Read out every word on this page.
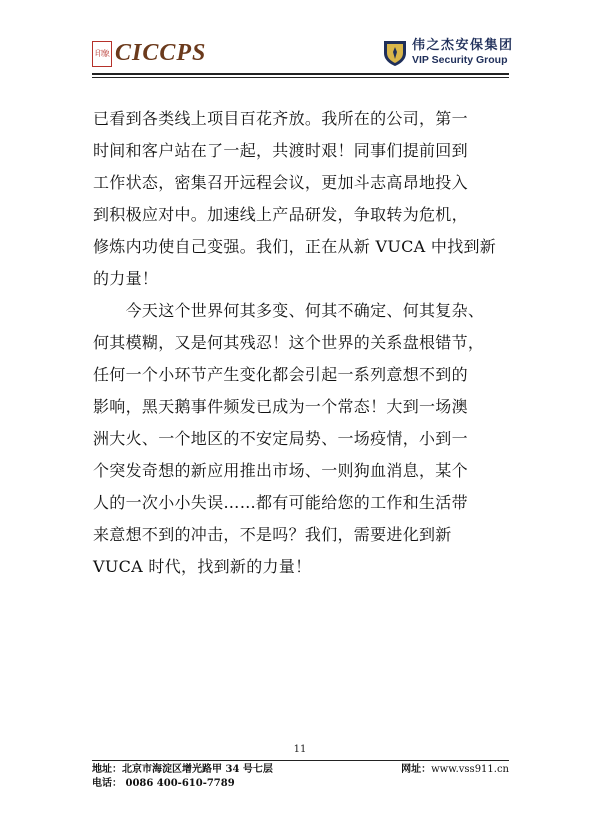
印象 CICCPS	伟之杰安保集团
VIP Security Group
已看到各类线上项目百花齐放。我所在的公司，第一
时间和客户站在了一起，共渡时艰！同事们提前回到
工作状态，密集召开远程会议，更加斗志高昂地投入
到积极应对中。加速线上产品研发，争取转为危机，
修炼内功使自己变强。我们，正在从新 VUCA 中找到新
的力量！
　　今天这个世界何其多变、何其不确定、何其复杂、
何其模糊，又是何其残忍！这个世界的关系盘根错节，
任何一个小环节产生变化都会引起一系列意想不到的
影响，黑天鹅事件频发已成为一个常态！大到一场澳
洲大火、一个地区的不安定局势、一场疫情，小到一
个突发奇想的新应用推出市场、一则狗血消息，某个
人的一次小小失误……都有可能给您的工作和生活带
来意想不到的冲击，不是吗？我们，需要进化到新
VUCA 时代，找到新的力量！
11
地址：北京市海淀区增光路甲 34 号七层	网址：www.vss911.cn
电话： 0086 400-610-7789
